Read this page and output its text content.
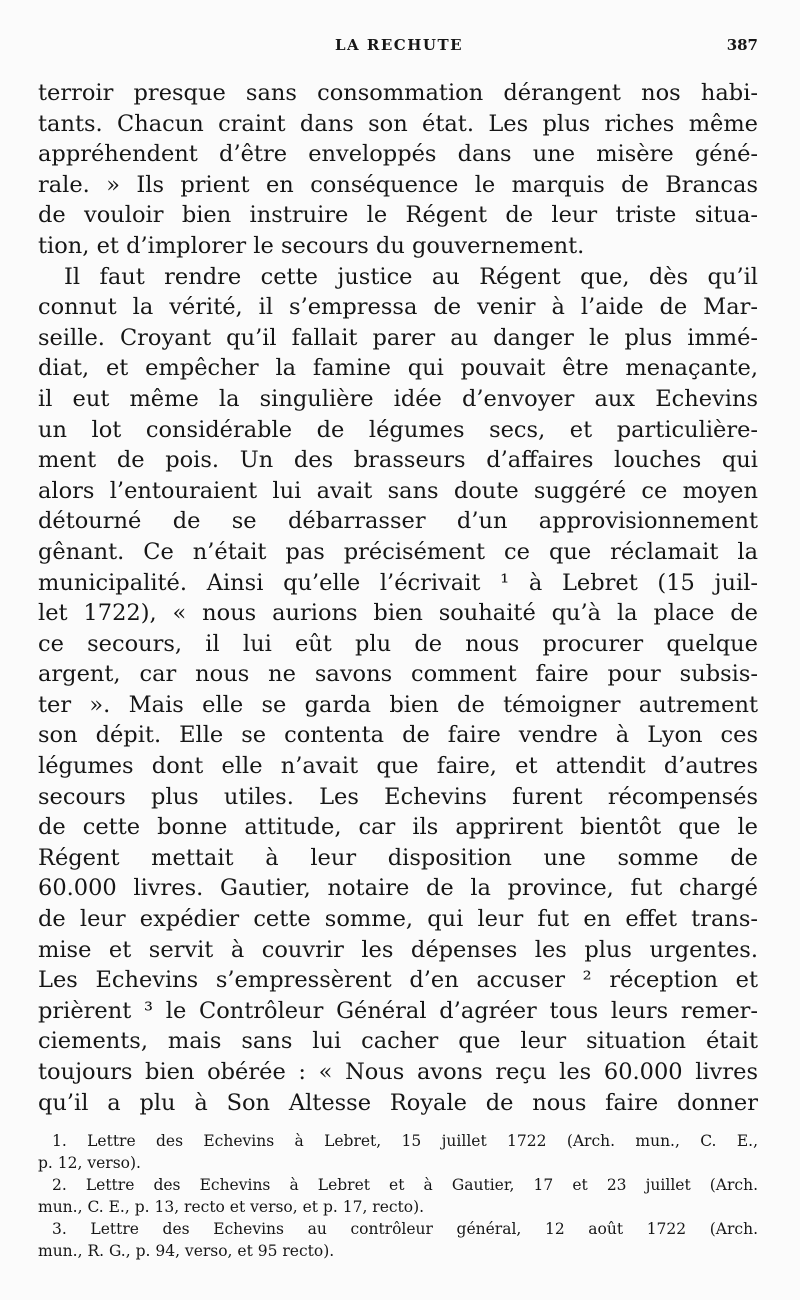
LA RECHUTE	387
terroir presque sans consommation dérangent nos habi-
tants. Chacun craint dans son état. Les plus riches même
appréhendent d’être enveloppés dans une misère géné-
rale. » Ils prient en conséquence le marquis de Brancas
de vouloir bien instruire le Régent de leur triste situa-
tion, et d’implorer le secours du gouvernement.
Il faut rendre cette justice au Régent que, dès qu’il
connut la vérité, il s’empressa de venir à l’aide de Mar-
seille. Croyant qu’il fallait parer au danger le plus immé-
diat, et empêcher la famine qui pouvait être menaçante,
il eut même la singulière idée d’envoyer aux Echevins
un lot considérable de légumes secs, et particulière-
ment de pois. Un des brasseurs d’affaires louches qui
alors l’entouraient lui avait sans doute suggéré ce moyen
détourné de se débarrasser d’un approvisionnement
gênant. Ce n’était pas précisément ce que réclamait la
municipalité. Ainsi qu’elle l’écrivait ¹ à Lebret (15 juil-
let 1722), « nous aurions bien souhaité qu’à la place de
ce secours, il lui eût plu de nous procurer quelque
argent, car nous ne savons comment faire pour subsis-
ter ». Mais elle se garda bien de témoigner autrement
son dépit. Elle se contenta de faire vendre à Lyon ces
légumes dont elle n’avait que faire, et attendit d’autres
secours plus utiles. Les Echevins furent récompensés
de cette bonne attitude, car ils apprirent bientôt que le
Régent mettait à leur disposition une somme de
60.000 livres. Gautier, notaire de la province, fut chargé
de leur expédier cette somme, qui leur fut en effet trans-
mise et servit à couvrir les dépenses les plus urgentes.
Les Echevins s’empressèrent d’en accuser ² réception et
prièrent ³ le Contrôleur Général d’agréer tous leurs remer-
ciements, mais sans lui cacher que leur situation était
toujours bien obérée : « Nous avons reçu les 60.000 livres
qu’il a plu à Son Altesse Royale de nous faire donner
1. Lettre des Echevins à Lebret, 15 juillet 1722 (Arch. mun., C. E.,
p. 12, verso).
2. Lettre des Echevins à Lebret et à Gautier, 17 et 23 juillet (Arch.
mun., C. E., p. 13, recto et verso, et p. 17, recto).
3. Lettre des Echevins au contrôleur général, 12 août 1722 (Arch.
mun., R. G., p. 94, verso, et 95 recto).
